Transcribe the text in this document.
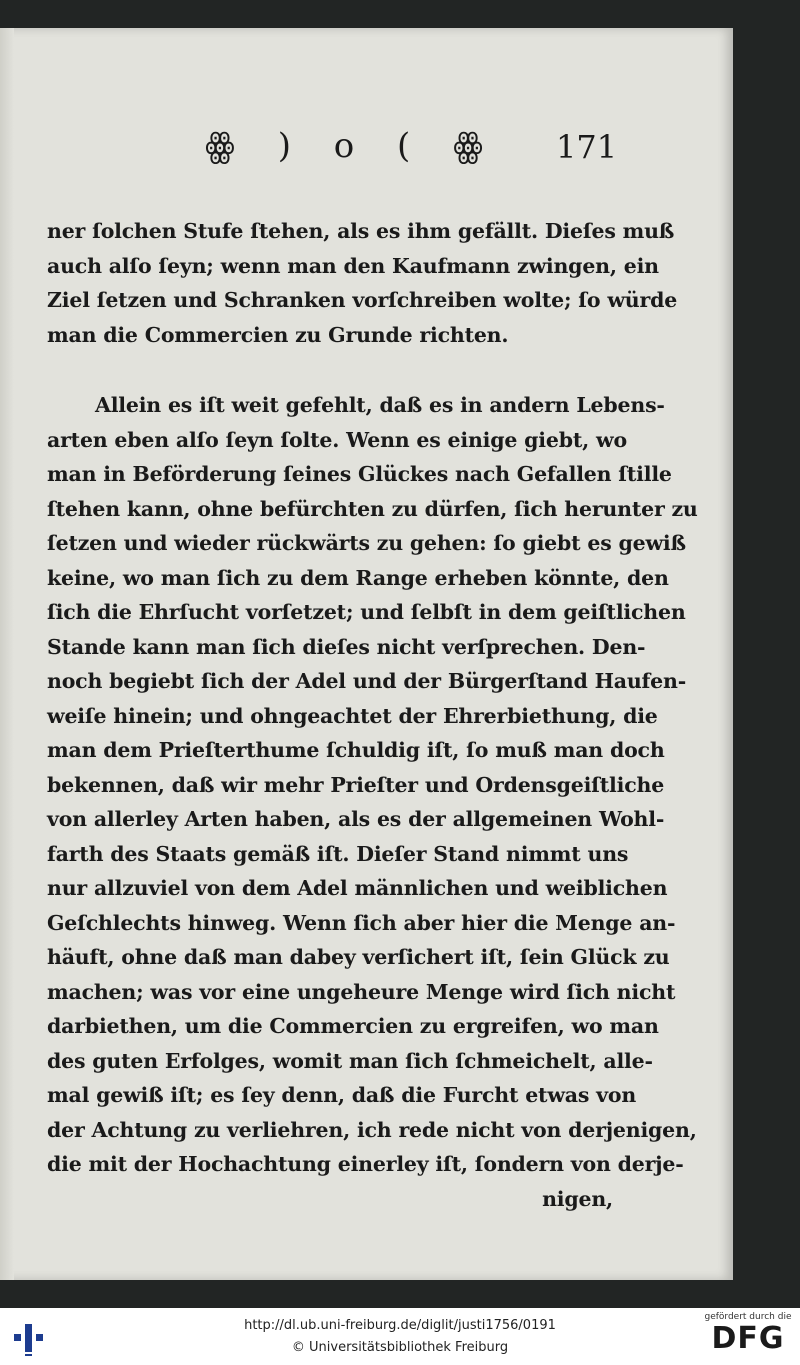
ꙮ ) o ( ꙮ 171
ner ſolchen Stufe ſtehen, als es ihm gefällt. Dieſes muß
auch alſo ſeyn; wenn man den Kaufmann zwingen, ein
Ziel ſetzen und Schranken vorſchreiben wolte; ſo würde
man die Commercien zu Grunde richten.
Allein es iſt weit gefehlt, daß es in andern Lebens-
arten eben alſo ſeyn ſolte. Wenn es einige giebt, wo
man in Beförderung ſeines Glückes nach Gefallen ſtille
ſtehen kann, ohne befürchten zu dürfen, ſich herunter zu
ſetzen und wieder rückwärts zu gehen: ſo giebt es gewiß
keine, wo man ſich zu dem Range erheben könnte, den
ſich die Ehrſucht vorſetzet; und ſelbſt in dem geiſtlichen
Stande kann man ſich dieſes nicht verſprechen. Den-
noch begiebt ſich der Adel und der Bürgerſtand Haufen-
weiſe hinein; und ohngeachtet der Ehrerbiethung, die
man dem Prieſterthume ſchuldig iſt, ſo muß man doch
bekennen, daß wir mehr Prieſter und Ordensgeiſtliche
von allerley Arten haben, als es der allgemeinen Wohl-
farth des Staats gemäß iſt. Dieſer Stand nimmt uns
nur allzuviel von dem Adel männlichen und weiblichen
Geſchlechts hinweg. Wenn ſich aber hier die Menge an-
häuft, ohne daß man dabey verſichert iſt, ſein Glück zu
machen; was vor eine ungeheure Menge wird ſich nicht
darbiethen, um die Commercien zu ergreifen, wo man
des guten Erfolges, womit man ſich ſchmeichelt, alle-
mal gewiß iſt; es ſey denn, daß die Furcht etwas von
der Achtung zu verliehren, ich rede nicht von derjenigen,
die mit der Hochachtung einerley iſt, ſondern von derje-
nigen,
http://dl.ub.uni-freiburg.de/diglit/justi1756/0191
© Universitätsbibliothek Freiburg
gefördert durch die
DFG
